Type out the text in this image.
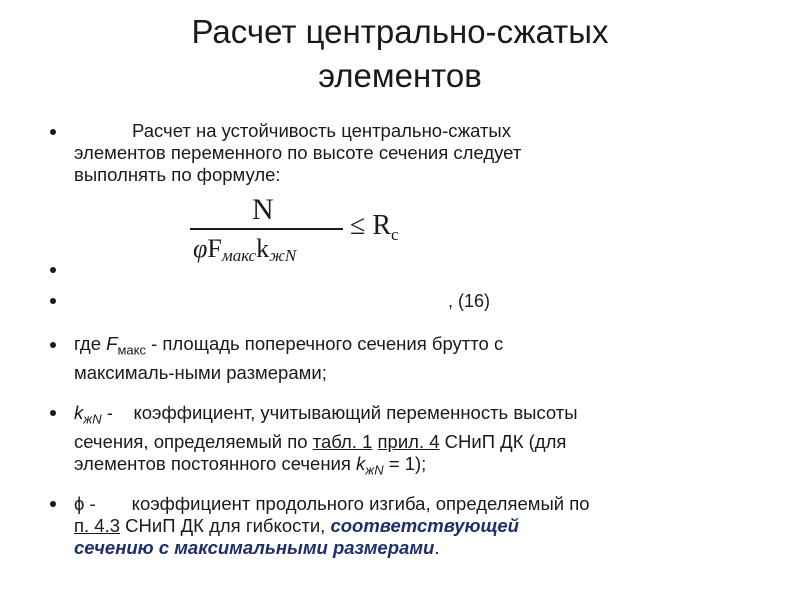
Расчет центрально-сжатых
элементов
Расчет на устойчивость центрально-сжатых
элементов переменного по высоте сечения следует
выполнять по формуле:
N
$\varphi F_{макс}k_{жN}$
≤ $R_c$
, (16)
где $F_{макс}$ - площадь поперечного сечения брутто с
максималь-ными размерами;
$k_{жN}$ - коэффициент, учитывающий переменность высоты
сечения, определяемый по табл. 1 прил. 4 СНиП ДК (для
элементов постоянного сечения $k_{жN} = 1$);
ϕ - коэффициент продольного изгиба, определяемый по
п. 4.3 СНиП ДК для гибкости, соответствующей
сечению с максимальными размерами.
